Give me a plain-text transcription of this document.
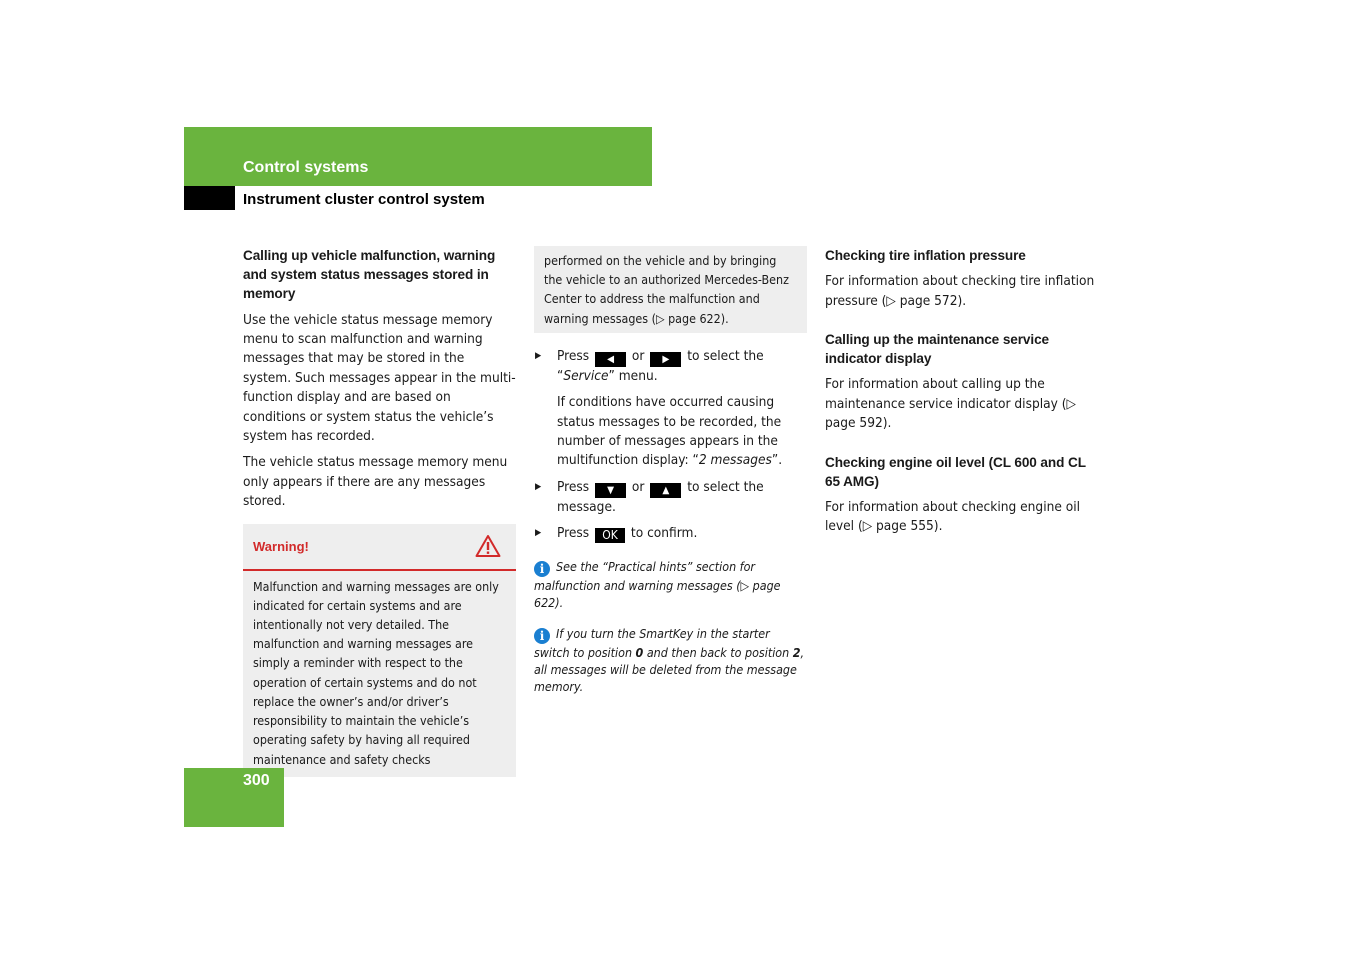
Control systems
Instrument cluster control system
Calling up vehicle malfunction, warning and system status messages stored in memory
Use the vehicle status message memory menu to scan malfunction and warning messages that may be stored in the system. Such messages appear in the multi-function display and are based on conditions or system status the vehicle’s system has recorded.
The vehicle status message memory menu only appears if there are any messages stored.
Warning!
Malfunction and warning messages are only indicated for certain systems and are intentionally not very detailed. The malfunction and warning messages are simply a reminder with respect to the operation of certain systems and do not replace the owner’s and/or driver’s responsibility to maintain the vehicle’s operating safety by having all required maintenance and safety checks
performed on the vehicle and by bringing the vehicle to an authorized Mercedes-Benz Center to address the malfunction and warning messages (▷ page 622).
▶ Press ◀ or ▶ to select the “Service” menu.
If conditions have occurred causing status messages to be recorded, the number of messages appears in the multifunction display: “2 messages”.
▶ Press ▼ or ▲ to select the message.
▶ Press OK to confirm.
i See the “Practical hints” section for malfunction and warning messages (▷ page 622).
i If you turn the SmartKey in the starter switch to position 0 and then back to position 2, all messages will be deleted from the message memory.
Checking tire inflation pressure
For information about checking tire inflation pressure (▷ page 572).
Calling up the maintenance service indicator display
For information about calling up the maintenance service indicator display (▷ page 592).
Checking engine oil level (CL 600 and CL 65 AMG)
For information about checking engine oil level (▷ page 555).
300
